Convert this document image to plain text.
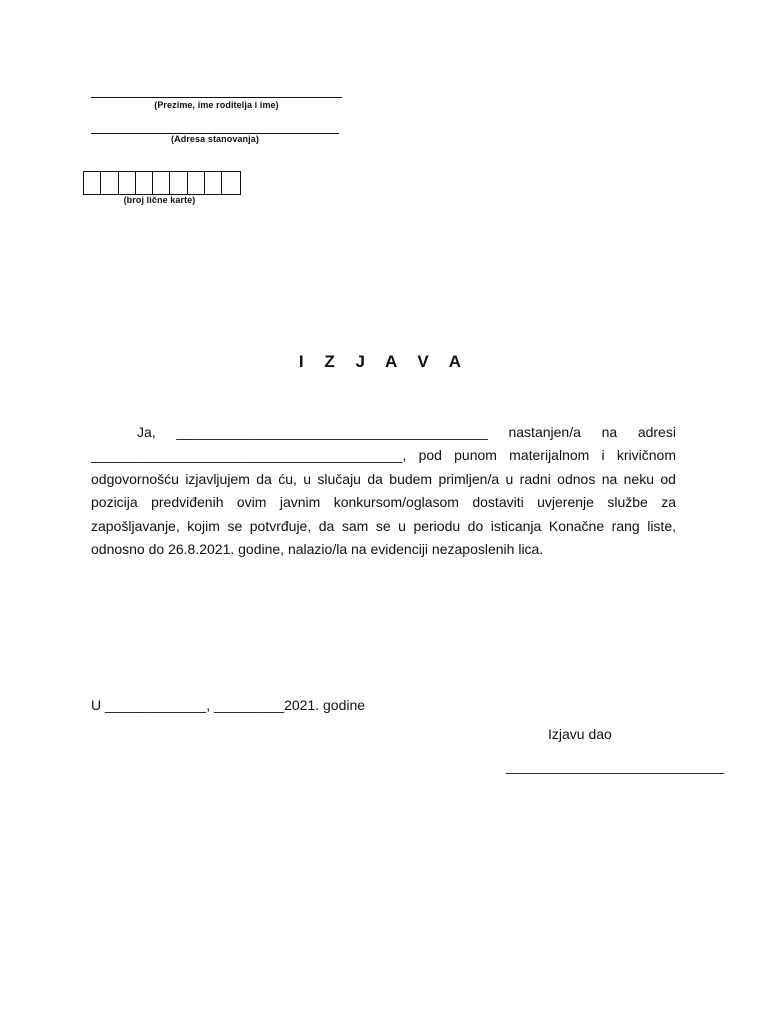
(Prezime, ime roditelja i ime)
(Adresa stanovanja)
(broj lične karte)
I Z J A V A
Ja, ________________________________________ nastanjen/a na adresi
________________________________________, pod punom materijalnom i krivičnom
odgovornošću izjavljujem da ću, u slučaju da budem primljen/a u radni odnos na neku od
pozicija predviđenih ovim javnim konkursom/oglasom dostaviti uvjerenje službe za
zapošljavanje, kojim se potvrđuje, da sam se u periodu do isticanja Konačne rang liste,
odnosno do 26.8.2021. godine, nalazio/la na evidenciji nezaposlenih lica.
U _____________, _________2021. godine
Izjavu dao
____________________________
